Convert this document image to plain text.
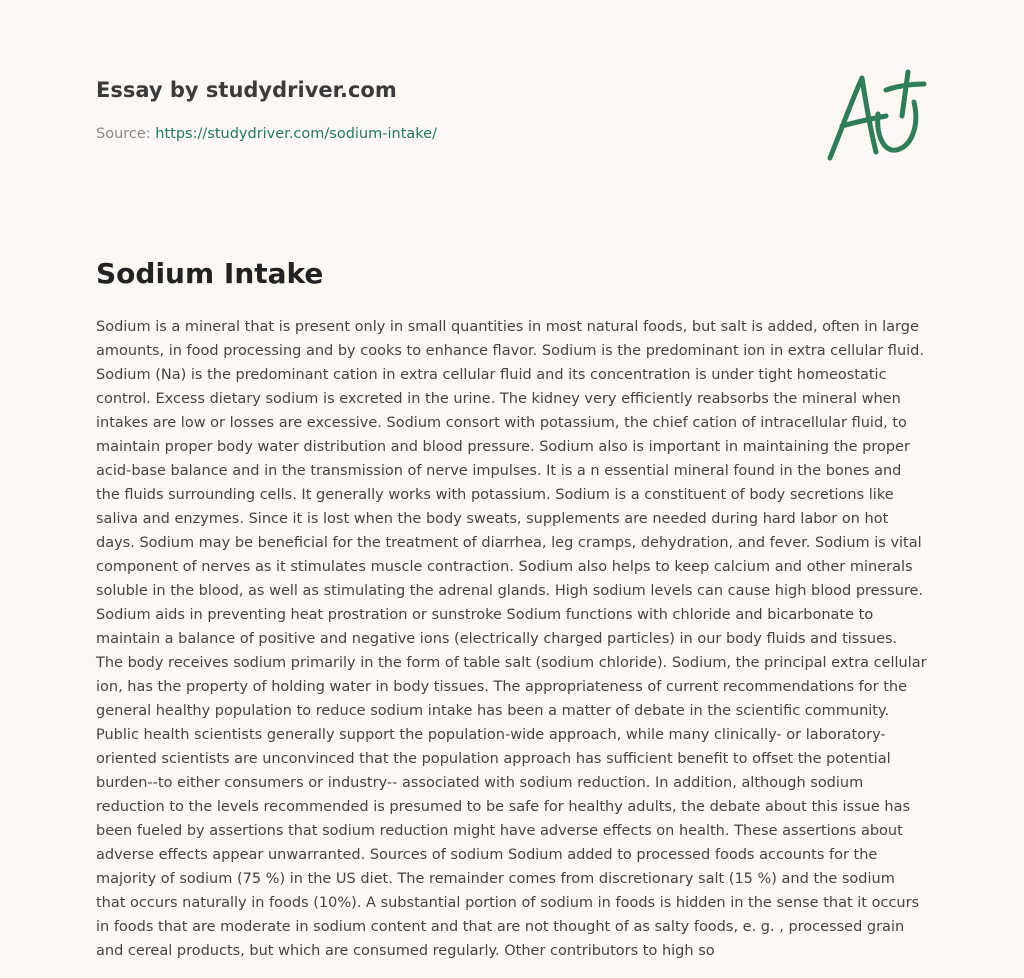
Essay by studydriver.com
Source: https://studydriver.com/sodium-intake/
Sodium Intake
Sodium is a mineral that is present only in small quantities in most natural foods, but salt is added, often in large
amounts, in food processing and by cooks to enhance flavor. Sodium is the predominant ion in extra cellular fluid.
Sodium (Na) is the predominant cation in extra cellular fluid and its concentration is under tight homeostatic
control. Excess dietary sodium is excreted in the urine. The kidney very efficiently reabsorbs the mineral when
intakes are low or losses are excessive. Sodium consort with potassium, the chief cation of intracellular fluid, to
maintain proper body water distribution and blood pressure. Sodium also is important in maintaining the proper
acid-base balance and in the transmission of nerve impulses. It is a n essential mineral found in the bones and
the fluids surrounding cells. It generally works with potassium. Sodium is a constituent of body secretions like
saliva and enzymes. Since it is lost when the body sweats, supplements are needed during hard labor on hot
days. Sodium may be beneficial for the treatment of diarrhea, leg cramps, dehydration, and fever. Sodium is vital
component of nerves as it stimulates muscle contraction. Sodium also helps to keep calcium and other minerals
soluble in the blood, as well as stimulating the adrenal glands. High sodium levels can cause high blood pressure.
Sodium aids in preventing heat prostration or sunstroke Sodium functions with chloride and bicarbonate to
maintain a balance of positive and negative ions (electrically charged particles) in our body fluids and tissues.
The body receives sodium primarily in the form of table salt (sodium chloride). Sodium, the principal extra cellular
ion, has the property of holding water in body tissues. The appropriateness of current recommendations for the
general healthy population to reduce sodium intake has been a matter of debate in the scientific community.
Public health scientists generally support the population-wide approach, while many clinically- or laboratory-
oriented scientists are unconvinced that the population approach has sufficient benefit to offset the potential
burden--to either consumers or industry-- associated with sodium reduction. In addition, although sodium
reduction to the levels recommended is presumed to be safe for healthy adults, the debate about this issue has
been fueled by assertions that sodium reduction might have adverse effects on health. These assertions about
adverse effects appear unwarranted. Sources of sodium Sodium added to processed foods accounts for the
majority of sodium (75 %) in the US diet. The remainder comes from discretionary salt (15 %) and the sodium
that occurs naturally in foods (10%). A substantial portion of sodium in foods is hidden in the sense that it occurs
in foods that are moderate in sodium content and that are not thought of as salty foods, e. g. , processed grain
and cereal products, but which are consumed regularly. Other contributors to high so
